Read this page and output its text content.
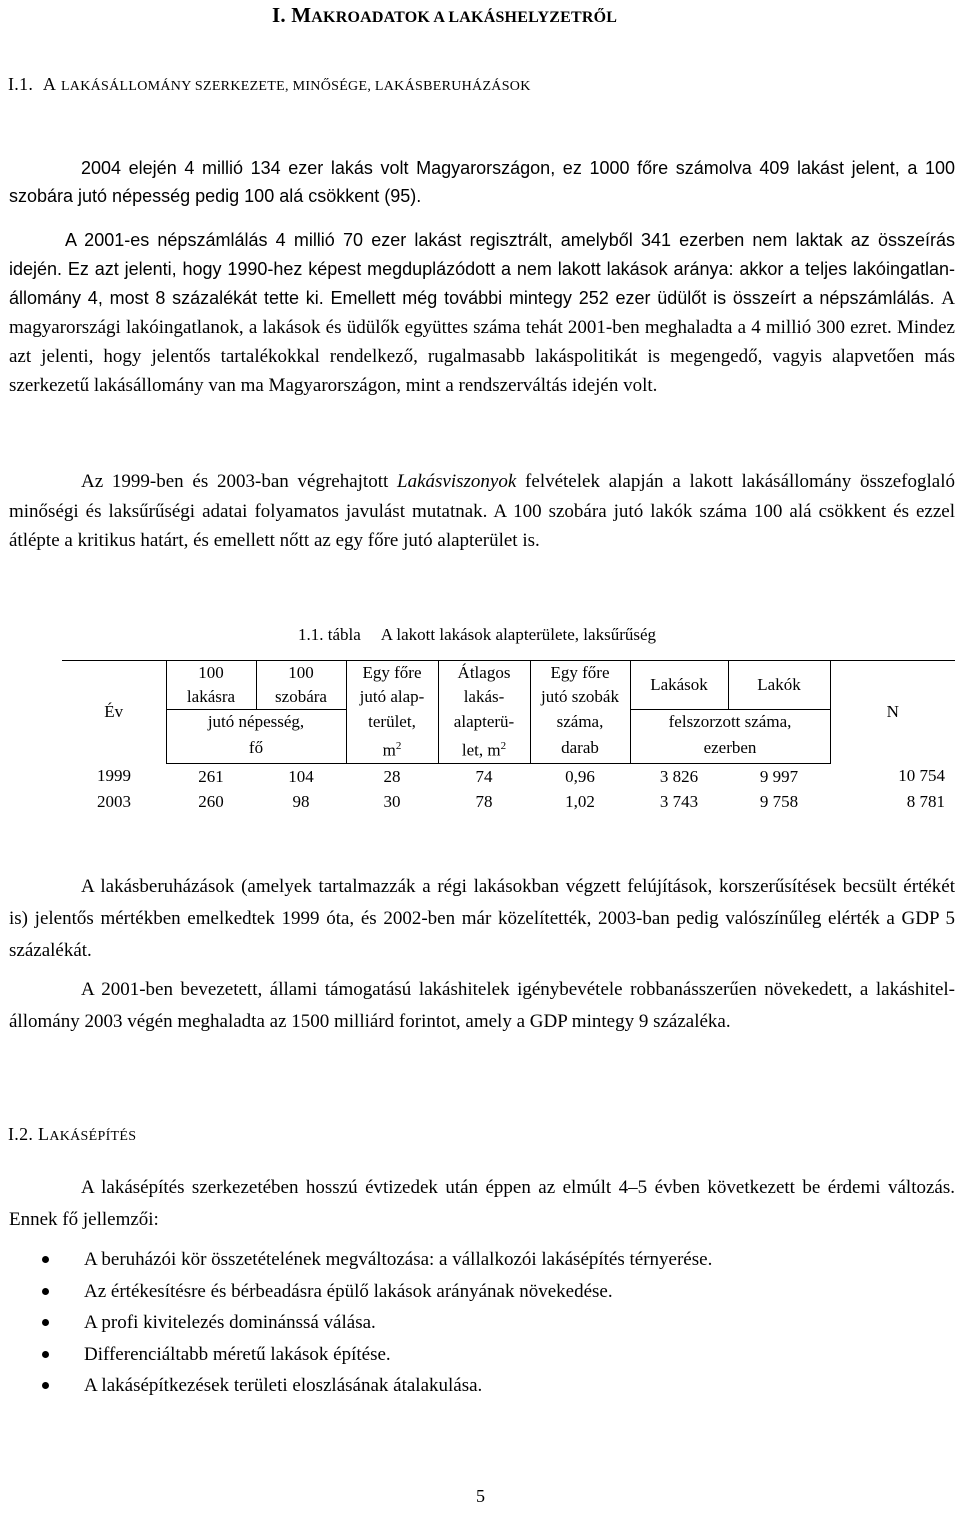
I. MAKROADATOK A LAKÁSHELYZETRŐL
I.1. A LAKÁSÁLLOMÁNY SZERKEZETE, MINŐSÉGE, LAKÁSBERUHÁZÁSOK

2004 elején 4 millió 134 ezer lakás volt Magyarországon, ez 1000 főre számolva 409 lakást jelent, a 100 szobára jutó népesség pedig 100 alá csökkent (95).

A 2001-es népszámlálás 4 millió 70 ezer lakást regisztrált, amelyből 341 ezerben nem laktak az összeírás idején. Ez azt jelenti, hogy 1990-hez képest megduplázódott a nem lakott lakások aránya: akkor a teljes lakóingatlan-állomány 4, most 8 százalékát tette ki. Emellett még további mintegy 252 ezer üdülőt is összeírt a népszámlálás. A magyarországi lakóingatlanok, a lakások és üdülők együttes száma tehát 2001-ben meghaladta a 4 millió 300 ezret. Mindez azt jelenti, hogy jelentős tartalékokkal rendelkező, rugalmasabb lakáspolitikát is megengedő, vagyis alapvetően más szerkezetű lakásállomány van ma Magyarországon, mint a rendszerváltás idején volt.

Az 1999-ben és 2003-ban végrehajtott Lakásviszonyok felvételek alapján a lakott lakásállomány összefoglaló minőségi és laksűrűségi adatai folyamatos javulást mutatnak. A 100 szobára jutó lakók száma 100 alá csökkent és ezzel átlépte a kritikus határt, és emellett nőtt az egy főre jutó alapterület is.

1.1. tábla A lakott lakások alapterülete, laksűrűség
Év	100	100	Egy főre	Átlagos	Egy főre	Lakások	Lakók	N
	lakásra	szobára	jutó alap-	lakás-	jutó szobák			
	jutó népesség,		terület,	alapterü-	száma,	felszorzott száma,		
	fő		$m^2$	let, $m^2$	darab	ezerben		
1999	261	104	28	74	0,96	3 826	9 997	10 754
2003	260	98	30	78	1,02	3 743	9 758	8 781

A lakásberuházások (amelyek tartalmazzák a régi lakásokban végzett felújítások, korszerűsítések becsült értékét is) jelentős mértékben emelkedtek 1999 óta, és 2002-ben már közelítették, 2003-ban pedig valószínűleg elérték a GDP 5 százalékát.

A 2001-ben bevezetett, állami támogatású lakáshitelek igénybevétele robbanásszerűen növekedett, a lakáshitel-állomány 2003 végén meghaladta az 1500 milliárd forintot, amely a GDP mintegy 9 százaléka.

I.2. LAKÁSÉPÍTÉS

A lakásépítés szerkezetében hosszú évtizedek után éppen az elmúlt 4–5 évben következett be érdemi változás. Ennek fő jellemzői:

A beruházói kör összetételének megváltozása: a vállalkozói lakásépítés térnyerése.
Az értékesítésre és bérbeadásra épülő lakások arányának növekedése.
A profi kivitelezés dominánssá válása.
Differenciáltabb méretű lakások építése.
A lakásépítkezések területi eloszlásának átalakulása.
5
